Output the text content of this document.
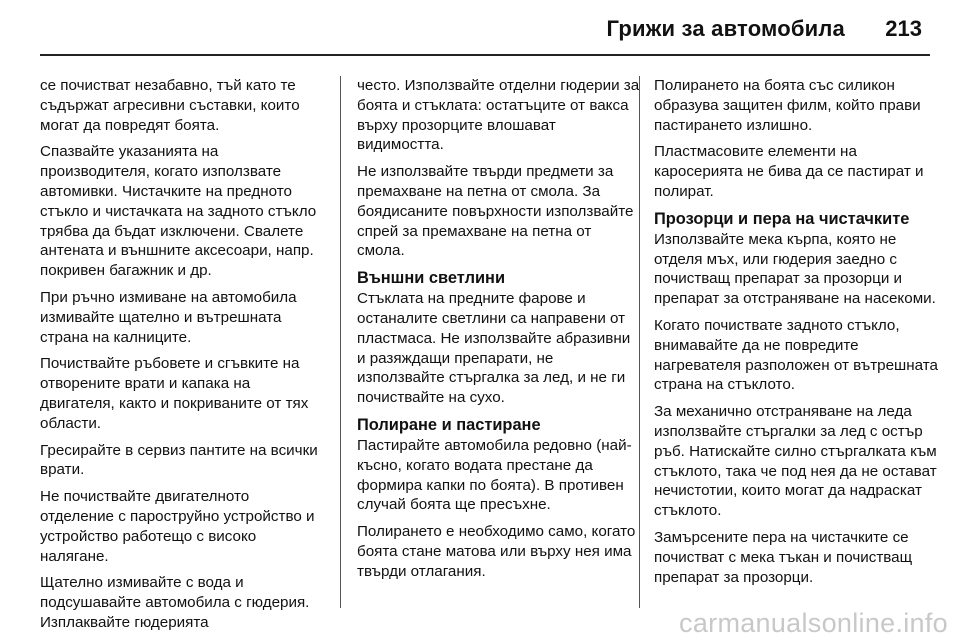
Грижи за автомобила 213

се почистват незабавно, тъй като те съдържат агресивни съставки, които могат да повредят боята.

Спазвайте указанията на производителя, когато използвате автомивки. Чистачките на предното стъкло и чистачката на задното стъкло трябва да бъдат изключени. Свалете антената и външните аксесоари, напр. покривен багажник и др.

При ръчно измиване на автомобила измивайте щателно и вътрешната страна на калниците.

Почиствайте ръбовете и сгъвките на отворените врати и капака на двигателя, както и покриваните от тях области.

Гресирайте в сервиз пантите на всички врати.

Не почиствайте двигателното отделение с пароструйно устройство и устройство работещо с високо налягане.

Щателно измивайте с вода и подсушавайте автомобила с гюдерия. Изплаквайте гюдерията

често. Използвайте отделни гюдерии за боята и стъклата: остатъците от вакса върху прозорците влошават видимостта.

Не използвайте твърди предмети за премахване на петна от смола. За боядисаните повърхности използвайте спрей за премахване на петна от смола.

Външни светлини

Стъклата на предните фарове и останалите светлини са направени от пластмаса. Не използвайте абразивни и разяждащи препарати, не използвайте стъргалка за лед, и не ги почиствайте на сухо.

Полиране и пастиране

Пастирайте автомобила редовно (най-късно, когато водата престане да формира капки по боята). В противен случай боята ще пресъхне.

Полирането е необходимо само, когато боята стане матова или върху нея има твърди отлагания.

Полирането на боята със силикон образува защитен филм, който прави пастирането излишно.

Пластмасовите елементи на каросерията не бива да се пастират и полират.

Прозорци и пера на чистачките

Използвайте мека кърпа, която не отделя мъх, или гюдерия заедно с почистващ препарат за прозорци и препарат за отстраняване на насекоми.

Когато почиствате задното стъкло, внимавайте да не повредите нагревателя разположен от вътрешната страна на стъклото.

За механично отстраняване на леда използвайте стъргалки за лед с остър ръб. Натискайте силно стъргалката към стъклото, така че под нея да не остават нечистотии, които могат да надраскат стъклото.

Замърсените пера на чистачките се почистват с мека тъкан и почистващ препарат за прозорци.

carmanualsonline.info
